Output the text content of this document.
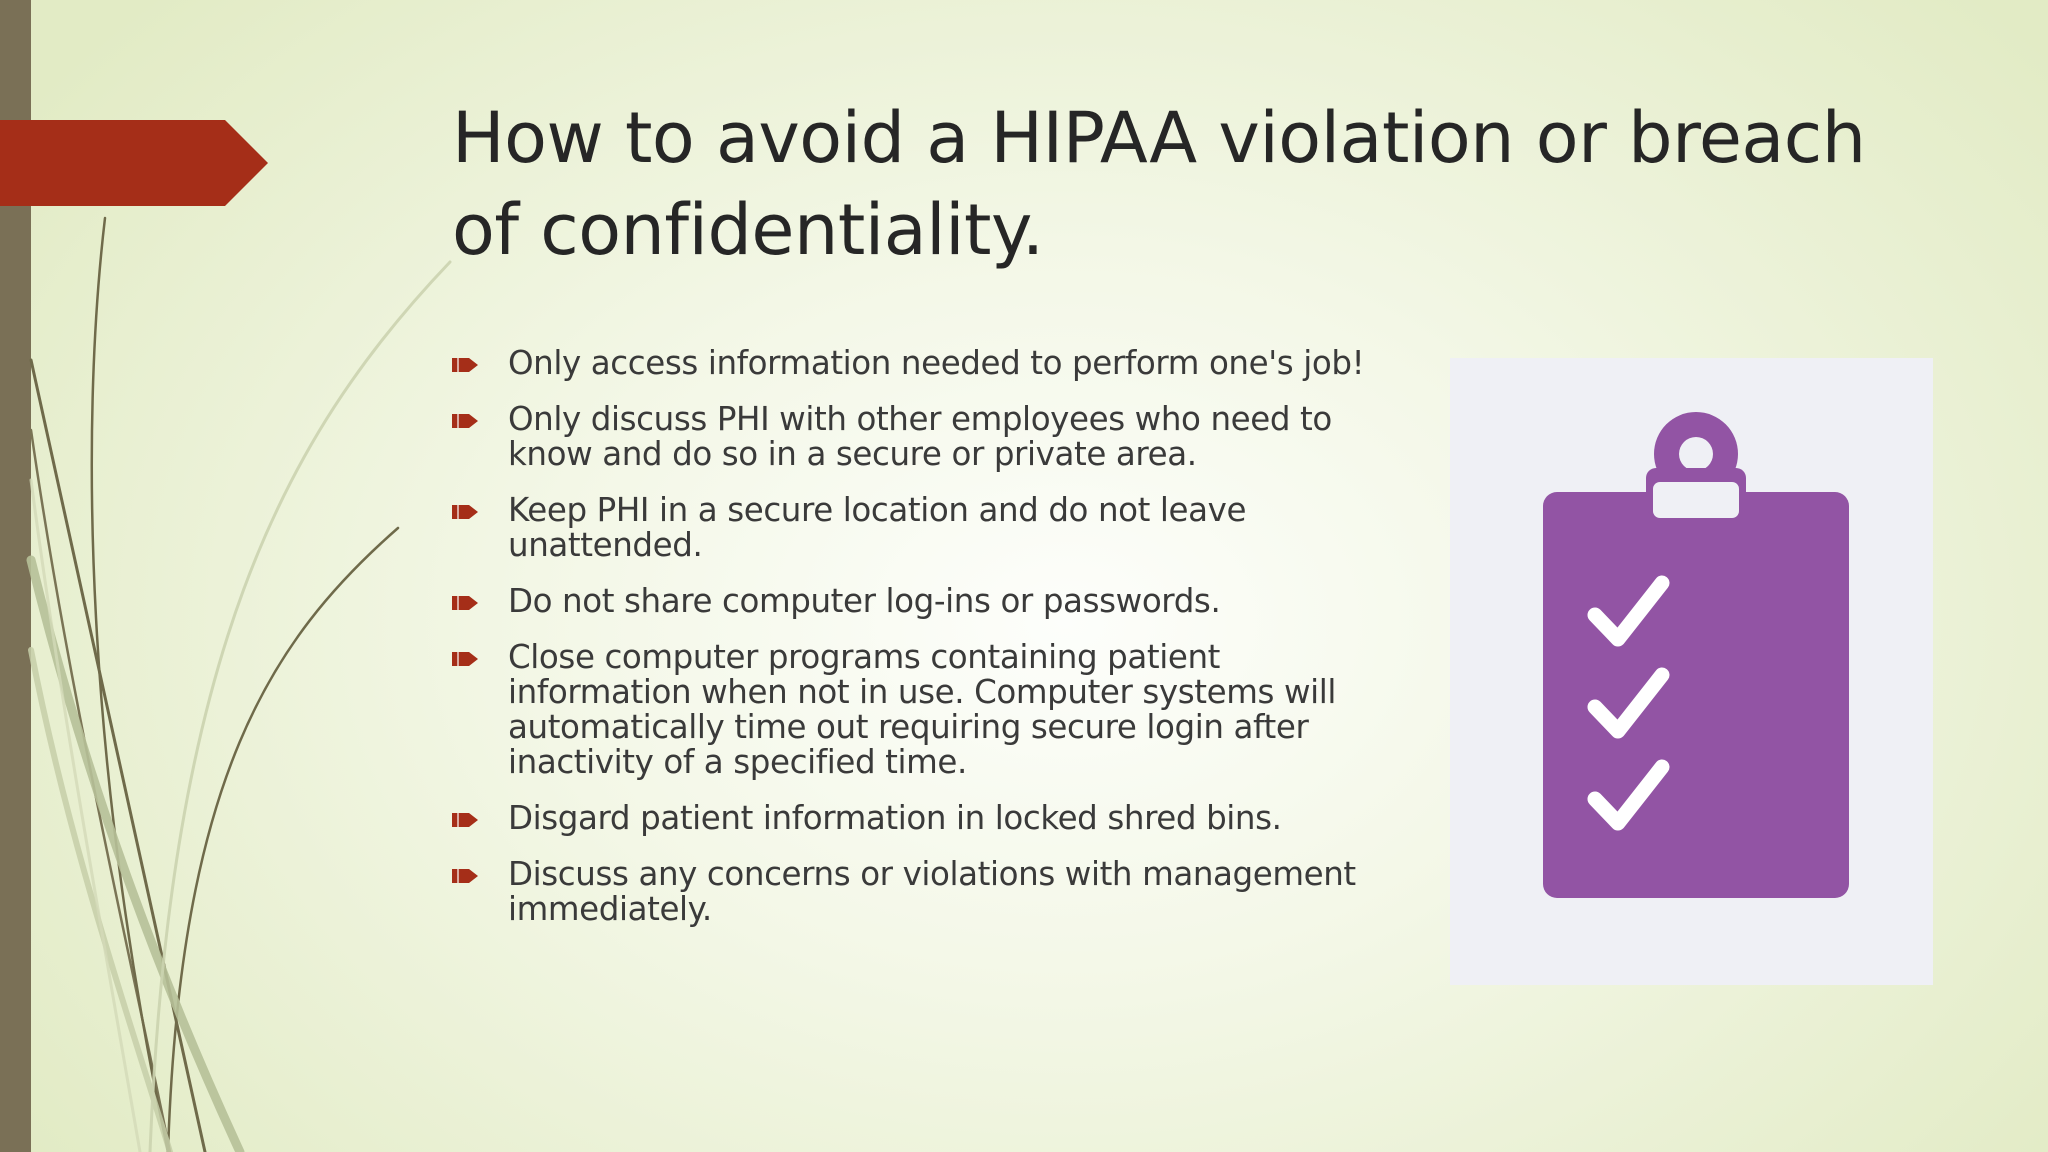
How to avoid a HIPAA violation or breach of confidentiality.
Only access information needed to perform one's job!
Only discuss PHI with other employees who need to know and do so in a secure or private area.
Keep PHI in a secure location and do not leave unattended.
Do not share computer log-ins or passwords.
Close computer programs containing patient information when not in use. Computer systems will automatically time out requiring secure login after inactivity of a specified time.
Disgard patient information in locked shred bins.
Discuss any concerns or violations with management immediately.
